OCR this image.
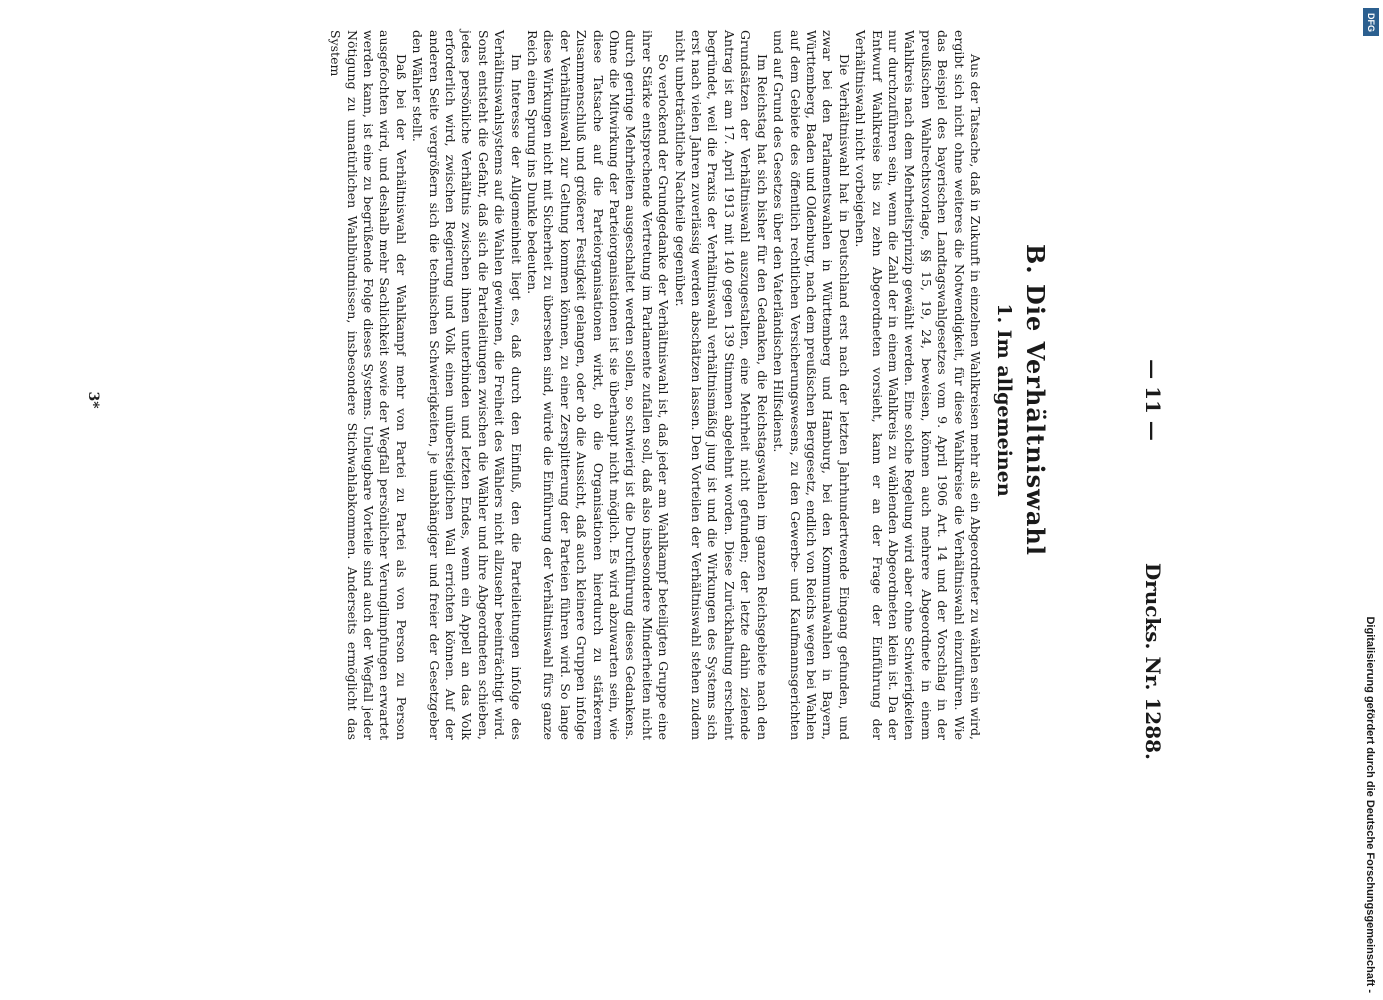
— 11 —
Drucks. Nr. 1288.
B. Die Verhältniswahl
1. Im allgemeinen

Aus der Tatsache, daß in Zukunft in einzelnen Wahlkreisen mehr als ein Abgeordneter zu wählen sein wird, ergibt sich nicht ohne weiteres die Notwendigkeit, für diese Wahlkreise die Verhältniswahl einzuführen. Wie das Beispiel des bayerischen Landtagswahlgesetzes vom 9. April 1906 Art. 14 und der Vorschlag in der preußischen Wahlrechtsvorlage, §§ 15, 19, 24, beweisen, können auch mehrere Abgeordnete in einem Wahlkreis nach dem Mehrheitsprinzip gewählt werden. Eine solche Regelung wird aber ohne Schwierigkeiten nur durchzuführen sein, wenn die Zahl der in einem Wahlkreis zu wählenden Abgeordneten klein ist. Da der Entwurf Wahlkreise bis zu zehn Abgeordneten vorsieht, kann er an der Frage der Einführung der Verhältniswahl nicht vorbeigehen.

Die Verhältniswahl hat in Deutschland erst nach der letzten Jahrhundertwende Eingang gefunden, und zwar bei den Parlamentswahlen in Württemberg und Hamburg, bei den Kommunalwahlen in Bayern, Württemberg, Baden und Oldenburg, nach dem preußischen Berggesetz, endlich von Reichs wegen bei Wahlen auf dem Gebiete des öffentlich rechtlichen Versicherungswesens, zu den Gewerbe- und Kaufmannsgerichten und auf Grund des Gesetzes über den Vaterländischen Hilfsdienst.

Im Reichstag hat sich bisher für den Gedanken, die Reichstagswahlen im ganzen Reichsgebiete nach den Grundsätzen der Verhältniswahl auszugestalten, eine Mehrheit nicht gefunden; der letzte dahin zielende Antrag ist am 17. April 1913 mit 140 gegen 139 Stimmen abgelehnt worden. Diese Zurückhaltung erscheint begründet, weil die Praxis der Verhältniswahl verhältnismäßig jung ist und die Wirkungen des Systems sich erst nach vielen Jahren zuverlässig werden abschätzen lassen. Den Vorteilen der Verhältniswahl stehen zudem nicht unbeträchtliche Nachteile gegenüber.

So verlockend der Grundgedanke der Verhältniswahl ist, daß jeder am Wahlkampf beteiligten Gruppe eine ihrer Stärke entsprechende Vertretung im Parlamente zufallen soll, daß also insbesondere Minderheiten nicht durch geringe Mehrheiten ausgeschaltet werden sollen, so schwierig ist die Durchführung dieses Gedankens. Ohne die Mitwirkung der Parteiorganisationen ist sie überhaupt nicht möglich. Es wird abzuwarten sein, wie diese Tatsache auf die Parteiorganisationen wirkt, ob die Organisationen hierdurch zu stärkerem Zusammenschluß und größerer Festigkeit gelangen, oder ob die Aussicht, daß auch kleinere Gruppen infolge der Verhältniswahl zur Geltung kommen können, zu einer Zersplitterung der Parteien führen wird. So lange diese Wirkungen nicht mit Sicherheit zu übersehen sind, würde die Einführung der Verhältniswahl fürs ganze Reich einen Sprung ins Dunkle bedeuten.

Im Interesse der Allgemeinheit liegt es, daß durch den Einfluß, den die Parteileitungen infolge des Verhältniswahlsystems auf die Wahlen gewinnen, die Freiheit des Wählers nicht allzusehr beeinträchtigt wird. Sonst entsteht die Gefahr, daß sich die Parteileitungen zwischen die Wähler und ihre Abgeordneten schieben, jedes persönliche Verhältnis zwischen ihnen unterbinden und letzten Endes, wenn ein Appell an das Volk erforderlich wird, zwischen Regierung und Volk einen unübersteiglichen Wall errichten können. Auf der anderen Seite vergrößern sich die technischen Schwierigkeiten, je unabhängiger und freier der Gesetzgeber den Wähler stellt.

Daß bei der Verhältniswahl der Wahlkampf mehr von Partei zu Partei als von Person zu Person ausgefochten wird, und deshalb mehr Sachlichkeit sowie der Wegfall persönlicher Verunglimpfungen erwartet werden kann, ist eine zu begrüßende Folge dieses Systems. Unleugbare Vorteile sind auch der Wegfall jeder Nötigung zu unnatürlichen Wahlbündnissen, insbesondere Stichwahlabkommen. Anderseits ermöglicht das System

3*
DFG
Digitalisierung gefördert durch die Deutsche Forschungsgemeinschaft -
